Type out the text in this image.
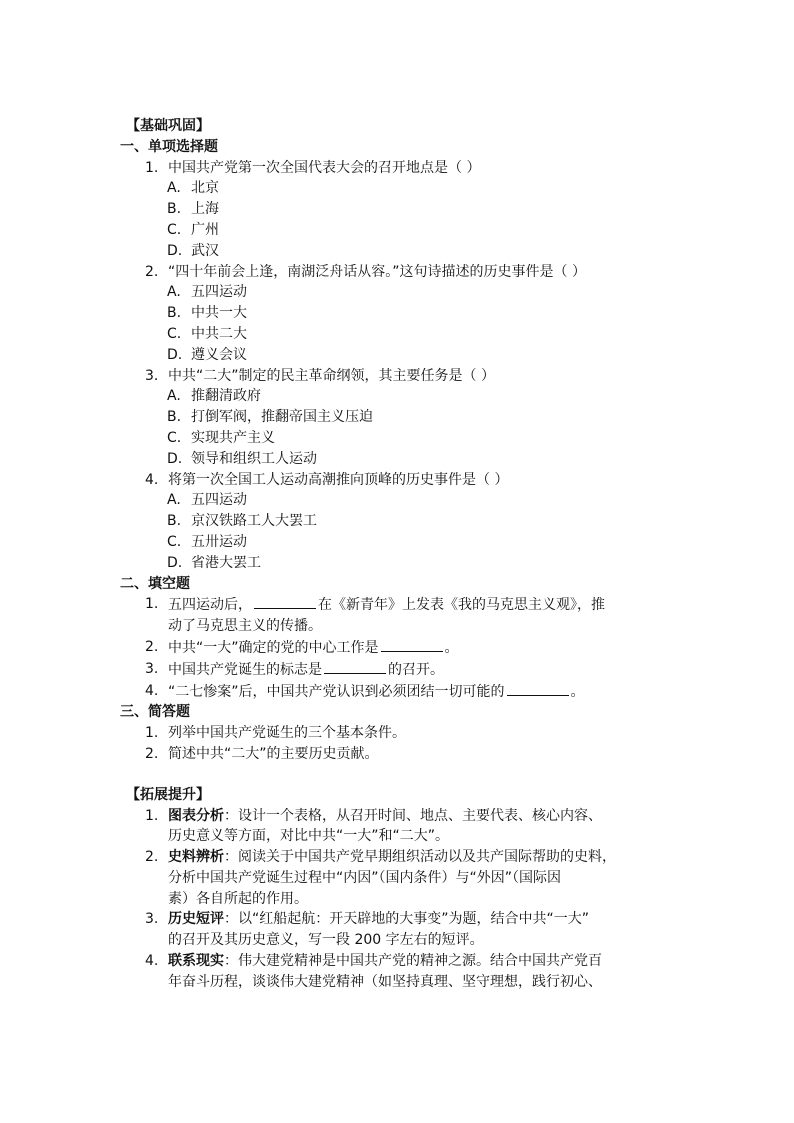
【基础巩固】
一、单项选择题
1. 中国共产党第一次全国代表大会的召开地点是（ ）
A. 北京
B. 上海
C. 广州
D. 武汉
2. “四十年前会上逢，南湖泛舟话从容。”这句诗描述的历史事件是（ ）
A. 五四运动
B. 中共一大
C. 中共二大
D. 遵义会议
3. 中共“二大”制定的民主革命纲领，其主要任务是（ ）
A. 推翻清政府
B. 打倒军阀，推翻帝国主义压迫
C. 实现共产主义
D. 领导和组织工人运动
4. 将第一次全国工人运动高潮推向顶峰的历史事件是（ ）
A. 五四运动
B. 京汉铁路工人大罢工
C. 五卅运动
D. 省港大罢工
二、填空题
1. 五四运动后，	在《新青年》上发表《我的马克思主义观》，推
动了马克思主义的传播。
2. 中共“一大”确定的党的中心工作是	。
3. 中国共产党诞生的标志是	的召开。
4. “二七惨案”后，中国共产党认识到必须团结一切可能的	。
三、简答题
1. 列举中国共产党诞生的三个基本条件。
2. 简述中共“二大”的主要历史贡献。
【拓展提升】
1. 图表分析：设计一个表格，从召开时间、地点、主要代表、核心内容、
历史意义等方面，对比中共“一大”和“二大”。
2. 史料辨析：阅读关于中国共产党早期组织活动以及共产国际帮助的史料，
分析中国共产党诞生过程中“内因”（国内条件）与“外因”（国际因
素）各自所起的作用。
3. 历史短评：以“红船起航：开天辟地的大事变”为题，结合中共“一大”
的召开及其历史意义，写一段 200 字左右的短评。
4. 联系现实：伟大建党精神是中国共产党的精神之源。结合中国共产党百
年奋斗历程，谈谈伟大建党精神（如坚持真理、坚守理想，践行初心、
